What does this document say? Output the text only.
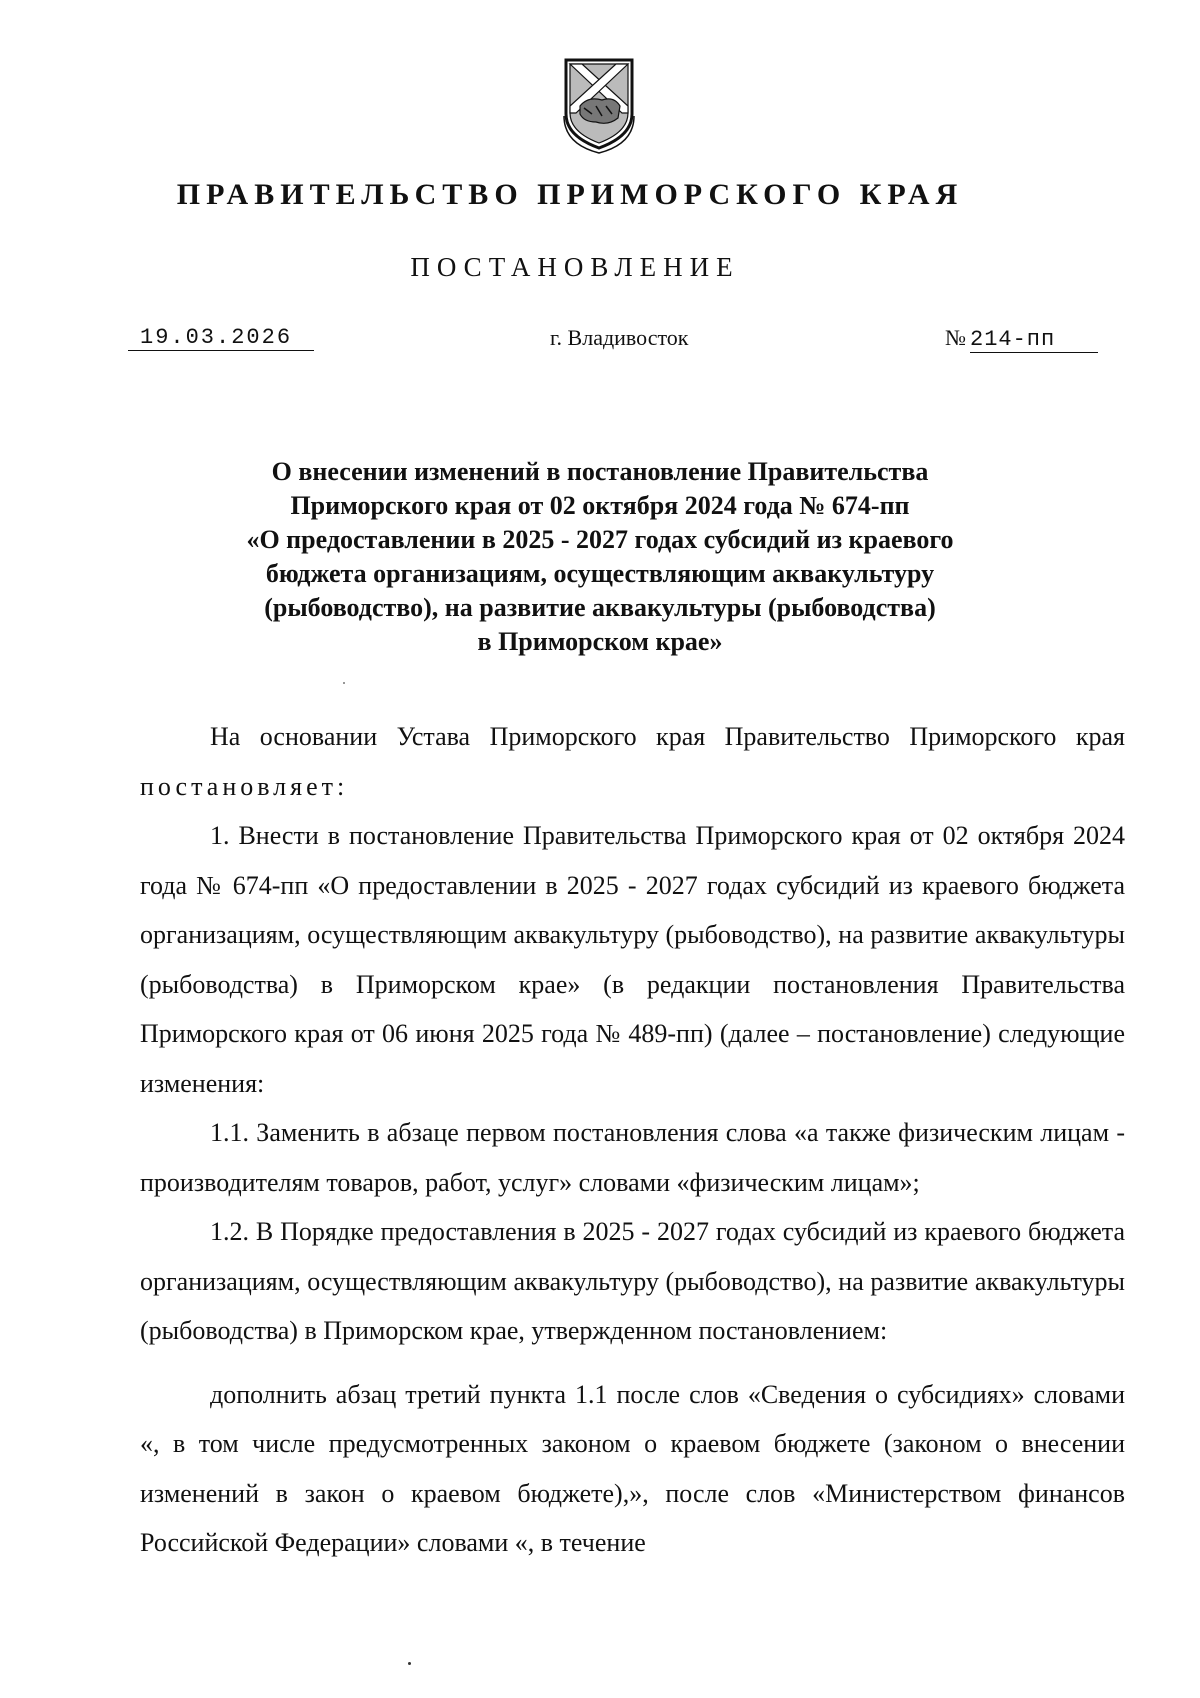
ПРАВИТЕЛЬСТВО ПРИМОРСКОГО КРАЯ
ПОСТАНОВЛЕНИЕ
19.03.2026	г. Владивосток	№ 214-пп
О внесении изменений в постановление Правительства
Приморского края от 02 октября 2024 года № 674-пп
«О предоставлении в 2025 - 2027 годах субсидий из краевого
бюджета организациям, осуществляющим аквакультуру
(рыбоводство), на развитие аквакультуры (рыбоводства)
в Приморском крае»

На основании Устава Приморского края Правительство Приморского края постановляет:

1. Внести в постановление Правительства Приморского края от 02 октября 2024 года № 674-пп «О предоставлении в 2025 - 2027 годах субсидий из краевого бюджета организациям, осуществляющим аквакультуру (рыбоводство), на развитие аквакультуры (рыбоводства) в Приморском крае» (в редакции постановления Правительства Приморского края от 06 июня 2025 года № 489-пп) (далее – постановление) следующие изменения:

1.1. Заменить в абзаце первом постановления слова «а также физическим лицам - производителям товаров, работ, услуг» словами «физическим лицам»;

1.2. В Порядке предоставления в 2025 - 2027 годах субсидий из краевого бюджета организациям, осуществляющим аквакультуру (рыбоводство), на развитие аквакультуры (рыбоводства) в Приморском крае, утвержденном постановлением:

дополнить абзац третий пункта 1.1 после слов «Сведения о субсидиях» словами «, в том числе предусмотренных законом о краевом бюджете (законом о внесении изменений в закон о краевом бюджете),», после слов «Министерством финансов Российской Федерации» словами «, в течение
